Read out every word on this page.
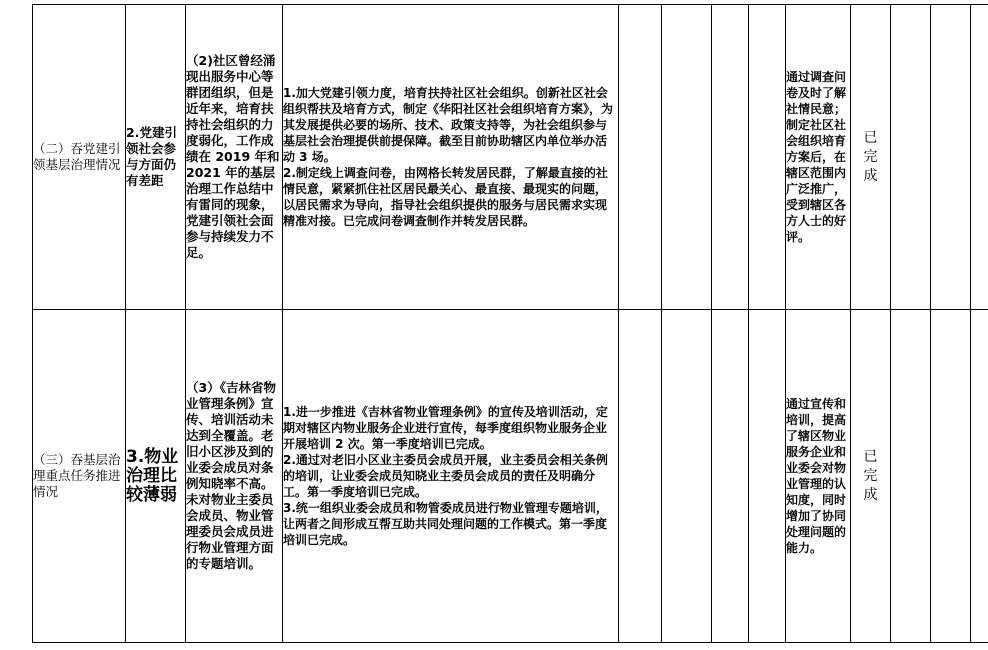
（二）吞党建引领基层治理情况	2.党建引领社会参与方面仍有差距	（2)社区曾经涌现出服务中心等群团组织，但是近年来，培育扶持社会组织的力度弱化，工作成绩在 2019 年和 2021 年的基层治理工作总结中有雷同的现象，党建引领社会面参与持续发力不足。	1.加大党建引领力度，培育扶持社区社会组织。创新社区社会组织帮扶及培育方式，制定《华阳社区社会组织培育方案》，为其发展提供必要的场所、技术、政策支持等，为社会组织参与基层社会治理提供前提保障。截至目前协助辖区内单位举办活动 3 场。

2.制定线上调查问卷，由网格长转发居民群，了解最直接的社情民意，紧紧抓住社区居民最关心、最直接、最现实的问题，以居民需求为导向，指导社会组织提供的服务与居民需求实现精准对接。已完成问卷调查制作并转发居民群。					通过调查问卷及时了解社情民意；制定社区社会组织培育方案后，在辖区范围内广泛推广，受到辖区各方人士的好评。	已完成			

（三）吞基层治理重点任务推进情况	3.物业治理比较薄弱	（3）《吉林省物业管理条例》宣传、培训活动未达到全覆盖。老旧小区涉及到的业委会成员对条例知晓率不高。未对物业主委员会成员、物业管理委员会成员进行物业管理方面的专题培训。	1.进一步推进《吉林省物业管理条例》的宣传及培训活动，定期对辖区内物业服务企业进行宣传，每季度组织物业服务企业开展培训 2 次。第一季度培训已完成。

2.通过对老旧小区业主委员会成员开展，业主委员会相关条例的培训，让业委会成员知晓业主委员会成员的责任及明确分工。第一季度培训已完成。

3.统一组织业委会成员和物管委成员进行物业管理专题培训，让两者之间形成互帮互助共同处理问题的工作模式。第一季度培训已完成。					通过宣传和培训，提高了辖区物业服务企业和业委会对物业管理的认知度，同时增加了协同处理问题的能力。	已完成			
